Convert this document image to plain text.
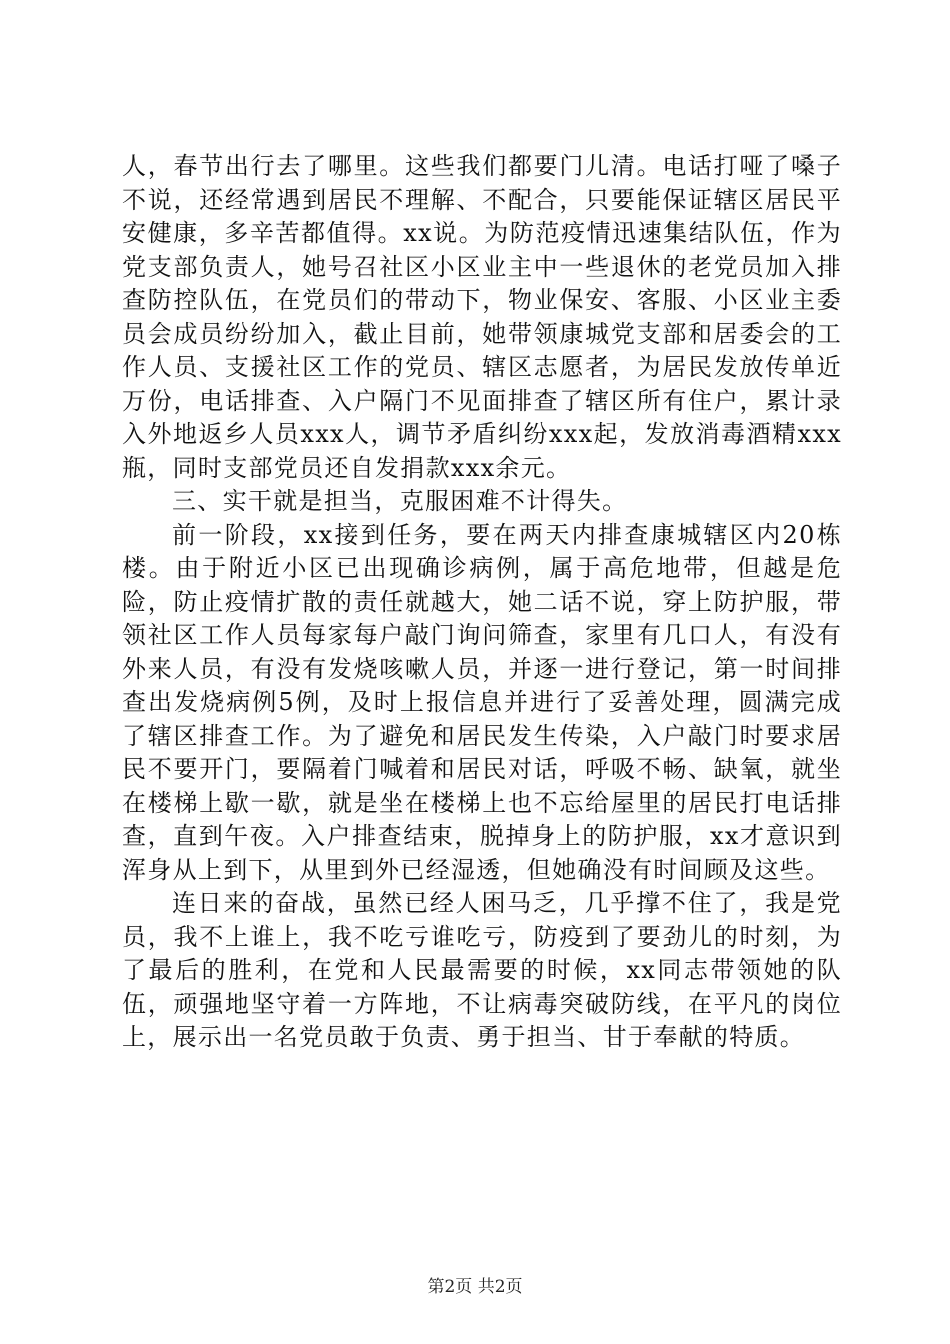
人，春节出行去了哪里。这些我们都要门儿清。电话打哑了嗓子不说，还经常遇到居民不理解、不配合，只要能保证辖区居民平安健康，多辛苦都值得。xx说。为防范疫情迅速集结队伍，作为党支部负责人，她号召社区小区业主中一些退休的老党员加入排查防控队伍，在党员们的带动下，物业保安、客服、小区业主委员会成员纷纷加入，截止目前，她带领康城党支部和居委会的工作人员、支援社区工作的党员、辖区志愿者，为居民发放传单近万份，电话排查、入户隔门不见面排查了辖区所有住户，累计录入外地返乡人员xxx人，调节矛盾纠纷xxx起，发放消毒酒精xxx瓶，同时支部党员还自发捐款xxx余元。

三、实干就是担当，克服困难不计得失。

前一阶段，xx接到任务，要在两天内排查康城辖区内20栋楼。由于附近小区已出现确诊病例，属于高危地带，但越是危险，防止疫情扩散的责任就越大，她二话不说，穿上防护服，带领社区工作人员每家每户敲门询问筛查，家里有几口人，有没有外来人员，有没有发烧咳嗽人员，并逐一进行登记，第一时间排查出发烧病例5例，及时上报信息并进行了妥善处理，圆满完成了辖区排查工作。为了避免和居民发生传染，入户敲门时要求居民不要开门，要隔着门喊着和居民对话，呼吸不畅、缺氧，就坐在楼梯上歇一歇，就是坐在楼梯上也不忘给屋里的居民打电话排查，直到午夜。入户排查结束，脱掉身上的防护服，xx才意识到浑身从上到下，从里到外已经湿透，但她确没有时间顾及这些。

连日来的奋战，虽然已经人困马乏，几乎撑不住了，我是党员，我不上谁上，我不吃亏谁吃亏，防疫到了要劲儿的时刻，为了最后的胜利，在党和人民最需要的时候，xx同志带领她的队伍，顽强地坚守着一方阵地，不让病毒突破防线，在平凡的岗位上，展示出一名党员敢于负责、勇于担当、甘于奉献的特质。

第2页 共2页
